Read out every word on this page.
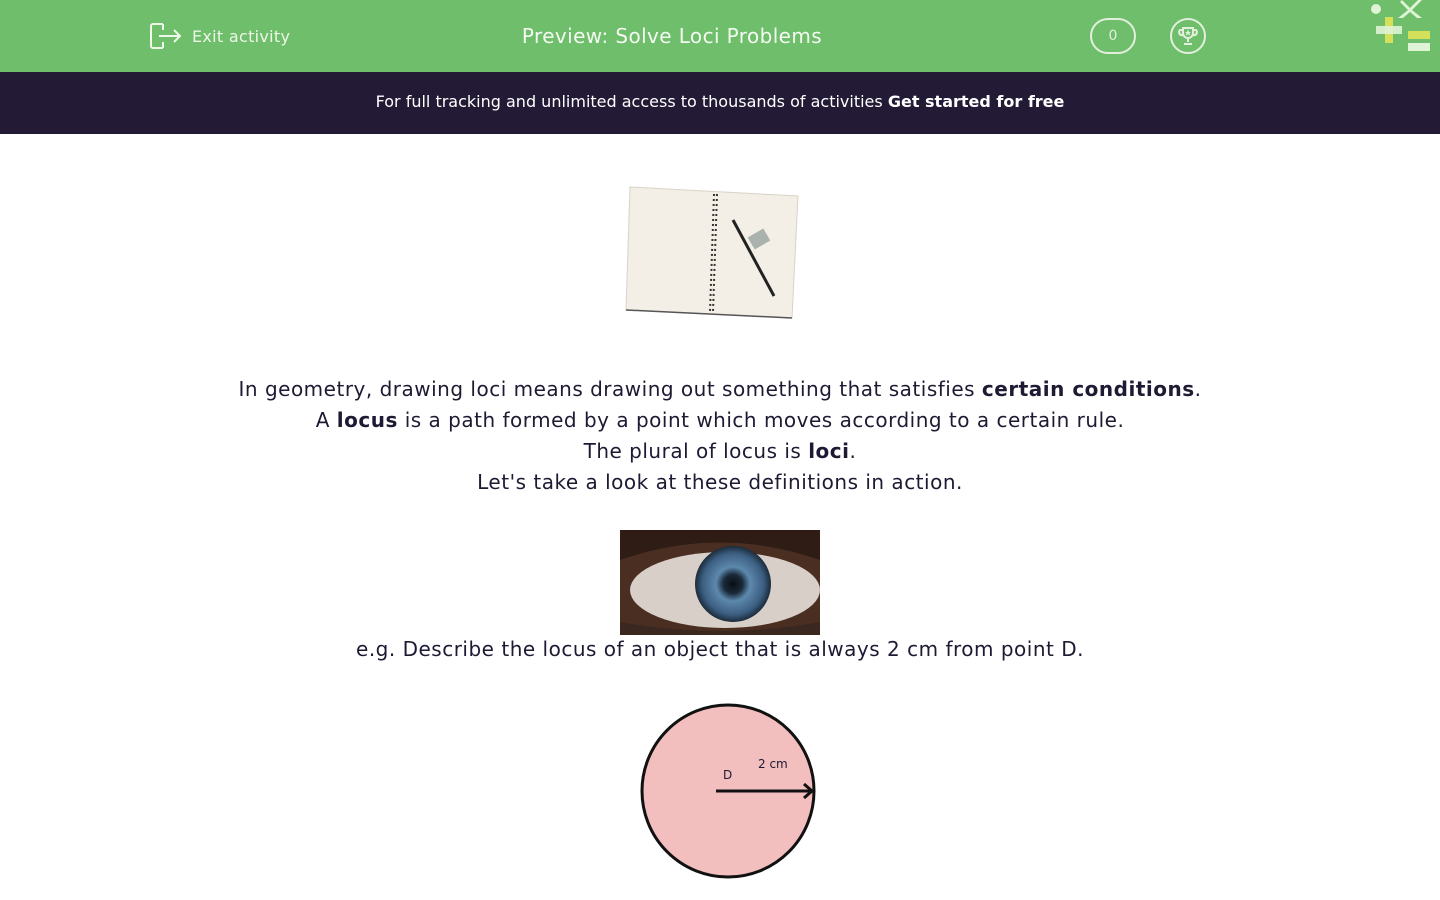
Exit activity	Preview: Solve Loci Problems	0
For full tracking and unlimited access to thousands of activities Get started for free
In geometry, drawing loci means drawing out something that satisfies certain conditions.
A locus is a path formed by a point which moves according to a certain rule.
The plural of locus is loci.
Let's take a look at these definitions in action.
e.g. Describe the locus of an object that is always 2 cm from point D.
D
2 cm
